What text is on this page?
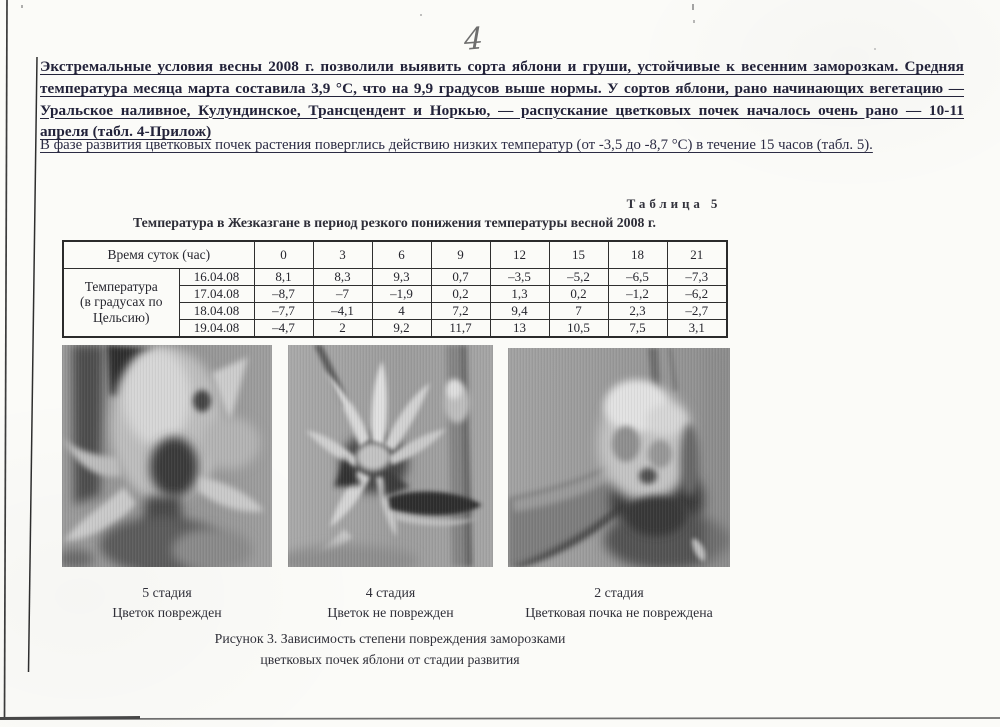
4
Экстремальные условия весны 2008 г. позволили выявить сорта яблони и груши, устойчивые к весенним заморозкам. Средняя температура месяца марта составила 3,9 °С, что на 9,9 градусов выше нормы. У сортов яблони, рано начинающих вегетацию — Уральское наливное, Кулундинское, Трансцендент и Норкью, — распускание цветковых почек началось очень рано — 10-11 апреля (табл. 4-Прилож)
В фазе развития цветковых почек растения поверглись действию низких температур (от -3,5 до -8,7 °С) в течение 15 часов (табл. 5).
Таблица 5
Температура в Жезказгане в период резкого понижения температуры весной 2008 г.
Время суток (час)		0	3	6	9	12	15	18	21
Температура
(в градусах по
Цельсию)	16.04.08	8,1	8,3	9,3	0,7	–3,5	–5,2	–6,5	–7,3
	17.04.08	–8,7	–7	–1,9	0,2	1,3	0,2	–1,2	–6,2
	18.04.08	–7,7	–4,1	4	7,2	9,4	7	2,3	–2,7
	19.04.08	–4,7	2	9,2	11,7	13	10,5	7,5	3,1
5 стадия
Цветок поврежден
4 стадия
Цветок не поврежден
2 стадия
Цветковая почка не повреждена
Рисунок 3. Зависимость степени повреждения заморозками
цветковых почек яблони от стадии развития
